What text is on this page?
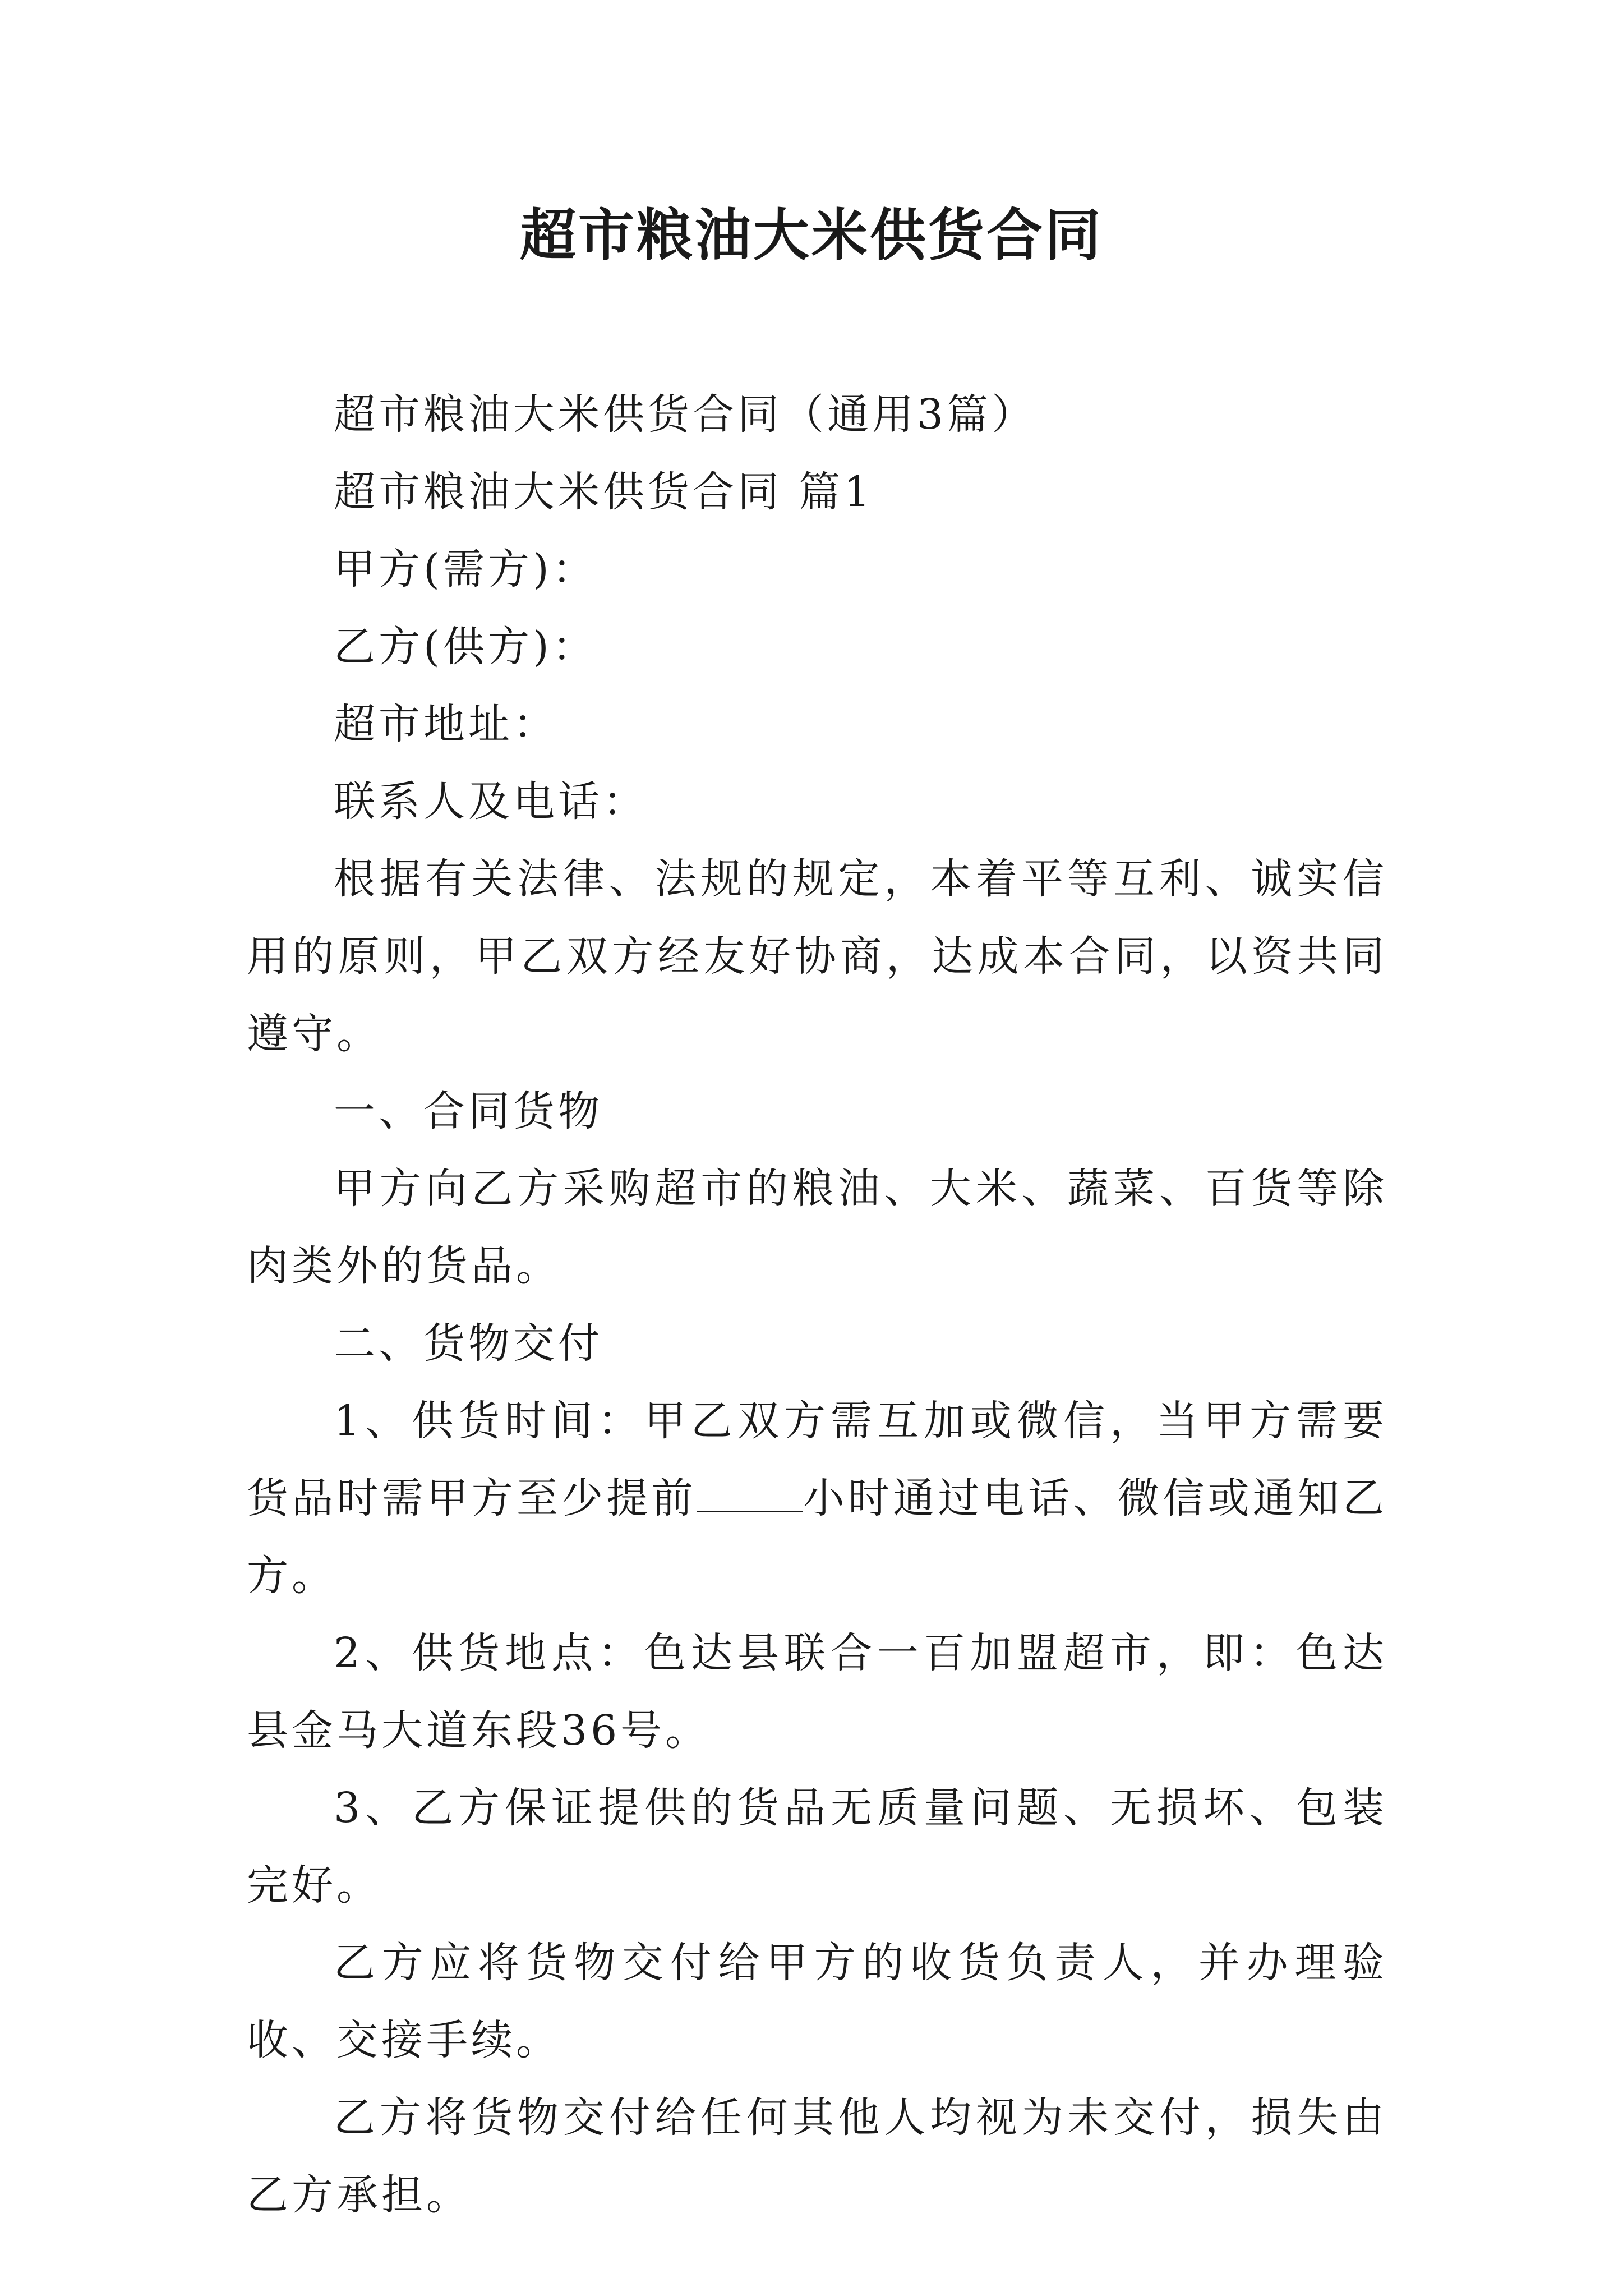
超市粮油大米供货合同

超市粮油大米供货合同（通用3篇）

超市粮油大米供货合同 篇1

甲方(需方)：

乙方(供方)：

超市地址：

联系人及电话：

根据有关法律、法规的规定，本着平等互利、诚实信用的原则，甲乙双方经友好协商，达成本合同，以资共同遵守。

一、合同货物

甲方向乙方采购超市的粮油、大米、蔬菜、百货等除肉类外的货品。

二、货物交付

1、供货时间：甲乙双方需互加或微信，当甲方需要货品时需甲方至少提前	小时通过电话、微信或通知乙方。

2、供货地点：色达县联合一百加盟超市，即：色达县金马大道东段36号。

3、乙方保证提供的货品无质量问题、无损坏、包装完好。

乙方应将货物交付给甲方的收货负责人，并办理验收、交接手续。

乙方将货物交付给任何其他人均视为未交付，损失由乙方承担。
